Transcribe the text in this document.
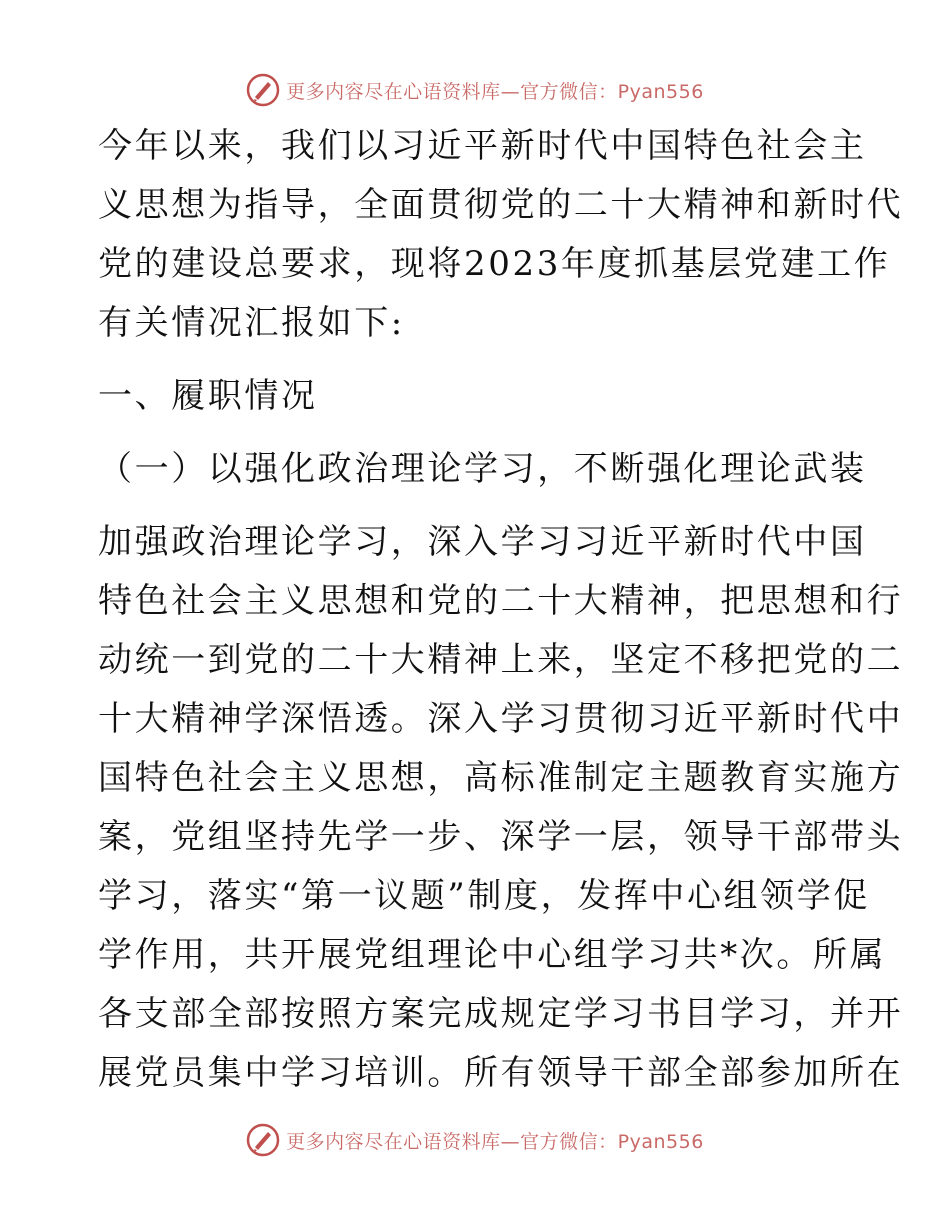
更多内容尽在心语资料库—官方微信：Pyan556
今年以来，我们以习近平新时代中国特色社会主
义思想为指导，全面贯彻党的二十大精神和新时代
党的建设总要求，现将2023年度抓基层党建工作
有关情况汇报如下:
一、履职情况
（一）以强化政治理论学习，不断强化理论武装
加强政治理论学习，深入学习习近平新时代中国
特色社会主义思想和党的二十大精神，把思想和行
动统一到党的二十大精神上来，坚定不移把党的二
十大精神学深悟透。深入学习贯彻习近平新时代中
国特色社会主义思想，高标准制定主题教育实施方
案，党组坚持先学一步、深学一层，领导干部带头
学习，落实“第一议题”制度，发挥中心组领学促
学作用，共开展党组理论中心组学习共*次。所属
各支部全部按照方案完成规定学习书目学习，并开
展党员集中学习培训。所有领导干部全部参加所在
更多内容尽在心语资料库—官方微信：Pyan556
